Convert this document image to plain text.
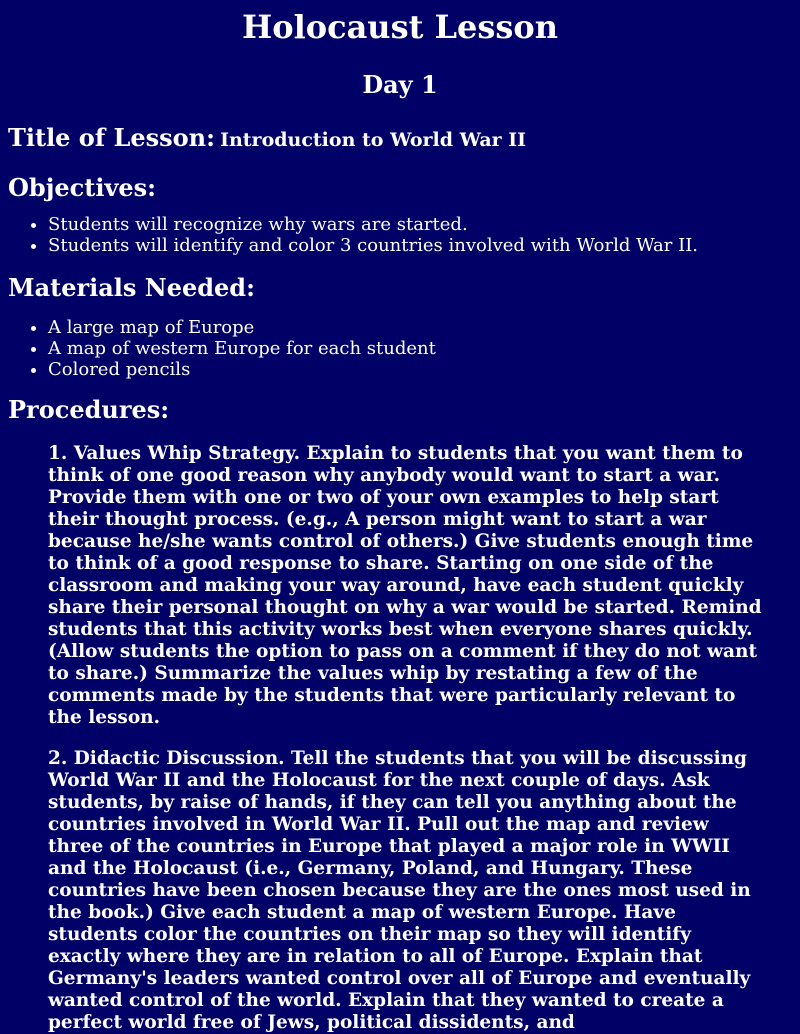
Holocaust Lesson
Day 1
Title of Lesson: Introduction to World War II
Objectives:
• Students will recognize why wars are started.
• Students will identify and color 3 countries involved with World War II.
Materials Needed:
• A large map of Europe
• A map of western Europe for each student
• Colored pencils
Procedures:

1. Values Whip Strategy. Explain to students that you want them to think of one good reason why anybody would want to start a war. Provide them with one or two of your own examples to help start their thought process. (e.g., A person might want to start a war because he/she wants control of others.) Give students enough time to think of a good response to share. Starting on one side of the classroom and making your way around, have each student quickly share their personal thought on why a war would be started. Remind students that this activity works best when everyone shares quickly. (Allow students the option to pass on a comment if they do not want to share.) Summarize the values whip by restating a few of the comments made by the students that were particularly relevant to the lesson.

2. Didactic Discussion. Tell the students that you will be discussing World War II and the Holocaust for the next couple of days. Ask students, by raise of hands, if they can tell you anything about the countries involved in World War II. Pull out the map and review three of the countries in Europe that played a major role in WWII and the Holocaust (i.e., Germany, Poland, and Hungary. These countries have been chosen because they are the ones most used in the book.) Give each student a map of western Europe. Have students color the countries on their map so they will identify exactly where they are in relation to all of Europe. Explain that Germany's leaders wanted control over all of Europe and eventually wanted control of the world. Explain that they wanted to create a perfect world free of Jews, political dissidents, and
